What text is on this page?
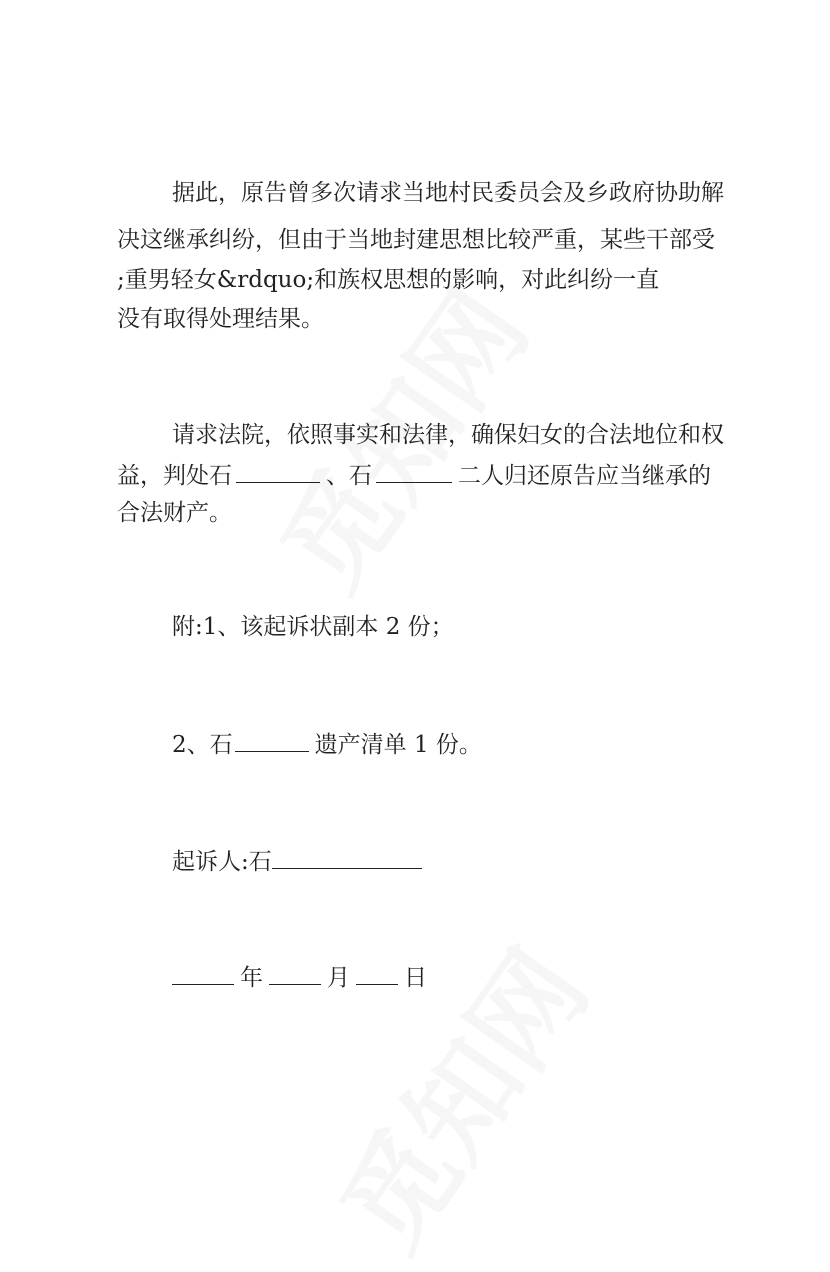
据此，原告曾多次请求当地村民委员会及乡政府协助解
决这继承纠纷，但由于当地封建思想比较严重，某些干部受
;重男轻女&rdquo;和族权思想的影响，对此纠纷一直
没有取得处理结果。
请求法院，依照事实和法律，确保妇女的合法地位和权
益，判处石	、石	二人归还原告应当继承的
合法财产。
附:1、该起诉状副本 2 份；
2、石	遗产清单 1 份。
起诉人:石
年	月 日
